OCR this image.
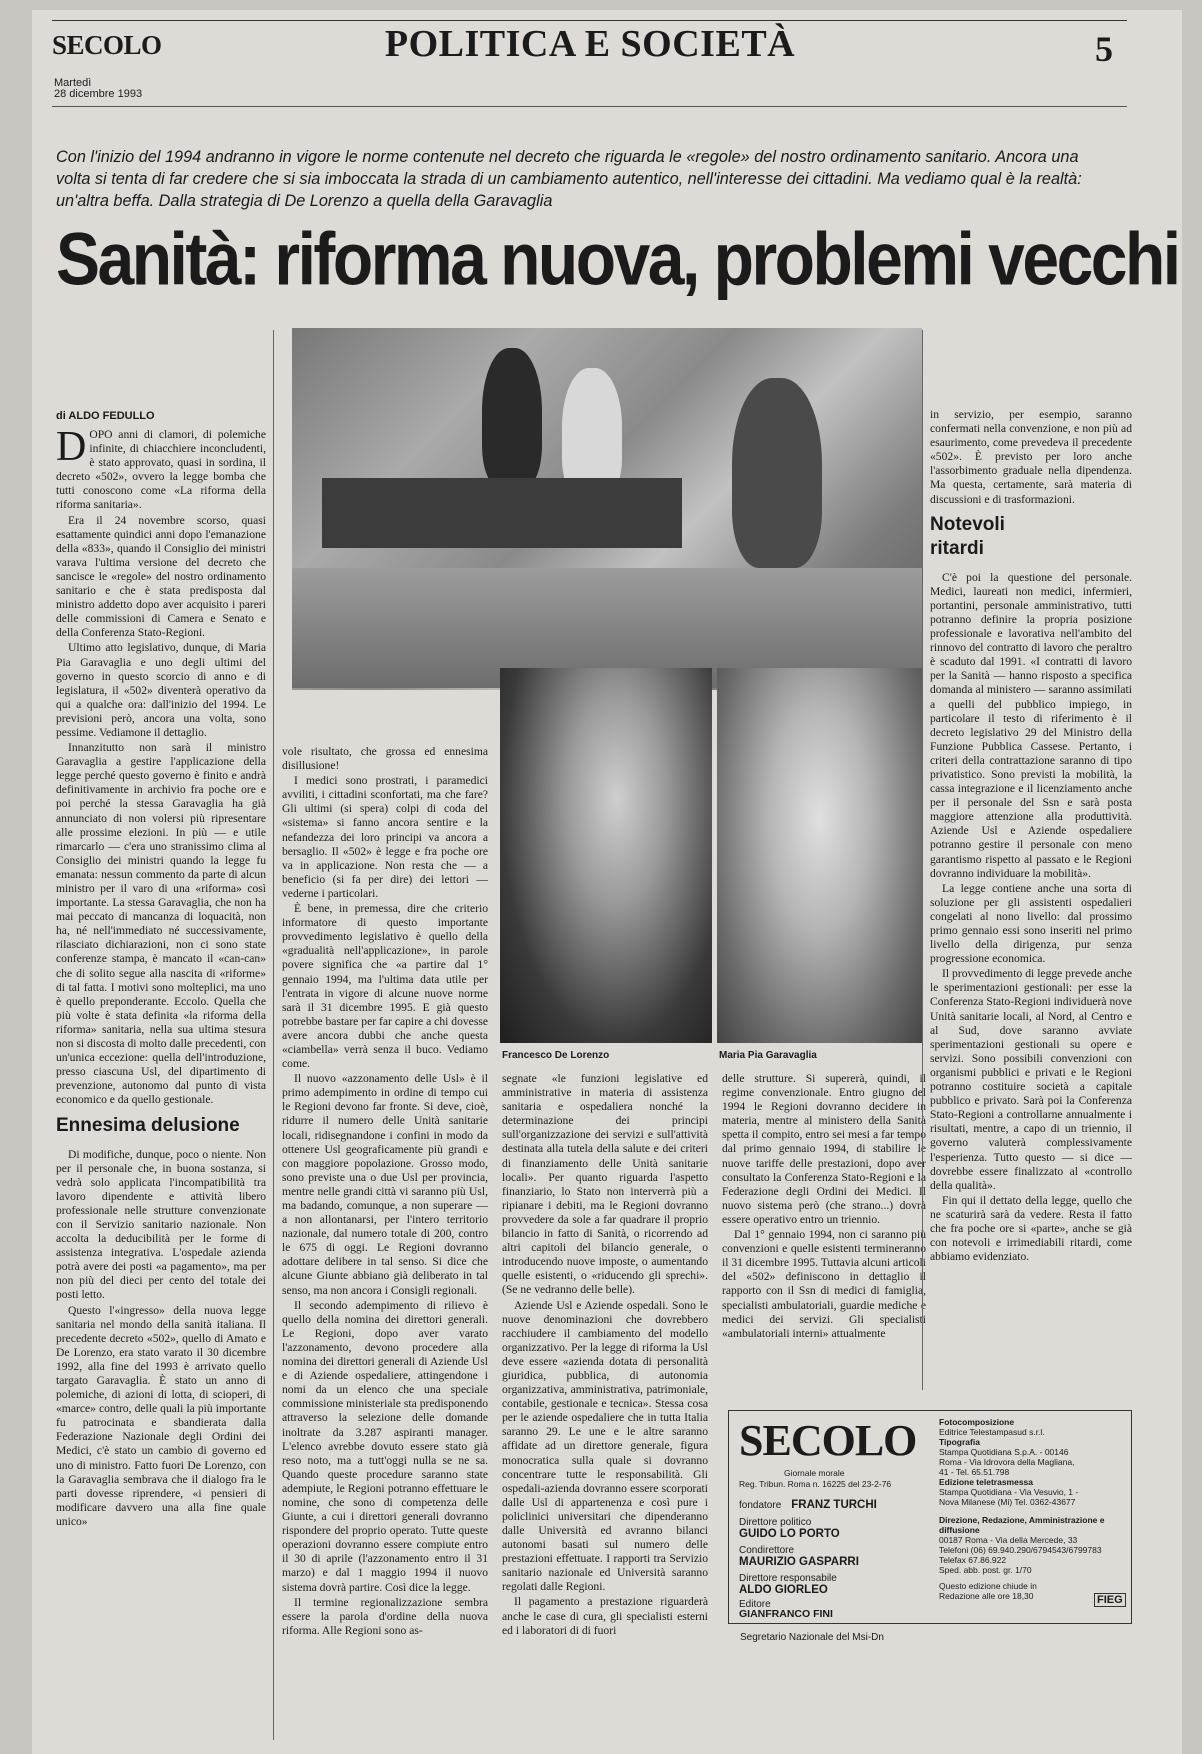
SECOLO
Martedì
28 dicembre 1993
POLITICA E SOCIETÀ	5
Con l'inizio del 1994 andranno in vigore le norme contenute nel decreto che riguarda le «regole» del nostro ordinamento sanitario. Ancora una volta si tenta di far credere che si sia imboccata la strada di un cambiamento autentico, nell'interesse dei cittadini. Ma vediamo qual è la realtà: un'altra beffa. Dalla strategia di De Lorenzo a quella della Garavaglia
Sanità: riforma nuova, problemi vecchi
di ALDO FEDULLO

DOPO anni di clamori, di polemiche infinite, di chiacchiere inconcludenti, è stato approvato, quasi in sordina, il decreto «502», ovvero la legge bomba che tutti conoscono come «La riforma della riforma sanitaria».

Era il 24 novembre scorso, quasi esattamente quindici anni dopo l'emanazione della «833», quando il Consiglio dei ministri varava l'ultima versione del decreto che sancisce le «regole» del nostro ordinamento sanitario e che è stata predisposta dal ministro addetto dopo aver acquisito i pareri delle commissioni di Camera e Senato e della Conferenza Stato-Regioni.

Ultimo atto legislativo, dunque, di Maria Pia Garavaglia e uno degli ultimi del governo in questo scorcio di anno e di legislatura, il «502» diventerà operativo da qui a qualche ora: dall'inizio del 1994. Le previsioni però, ancora una volta, sono pessime. Vediamone il dettaglio.

Innanzitutto non sarà il ministro Garavaglia a gestire l'applicazione della legge perché questo governo è finito e andrà definitivamente in archivio fra poche ore e poi perché la stessa Garavaglia ha già annunciato di non volersi più ripresentare alle prossime elezioni. In più — e utile rimarcarlo — c'era uno stranissimo clima al Consiglio dei ministri quando la legge fu emanata: nessun commento da parte di alcun ministro per il varo di una «riforma» così importante. La stessa Garavaglia, che non ha mai peccato di mancanza di loquacità, non ha, né nell'immediato né successivamente, rilasciato dichiarazioni, non ci sono state conferenze stampa, è mancato il «can-can» che di solito segue alla nascita di «riforme» di tal fatta. I motivi sono molteplici, ma uno è quello preponderante. Eccolo. Quella che più volte è stata definita «la riforma della riforma» sanitaria, nella sua ultima stesura non si discosta di molto dalle precedenti, con un'unica eccezione: quella dell'introduzione, presso ciascuna Usl, del dipartimento di prevenzione, autonomo dal punto di vista economico e da quello gestionale.

Ennesima delusione

Di modifiche, dunque, poco o niente. Non per il personale che, in buona sostanza, si vedrà solo applicata l'incompatibilità tra lavoro dipendente e attività libero professionale nelle strutture convenzionate con il Servizio sanitario nazionale. Non accolta la deducibilità per le forme di assistenza integrativa. L'ospedale azienda potrà avere dei posti «a pagamento», ma per non più del dieci per cento del totale dei posti letto.

Questo l'«ingresso» della nuova legge sanitaria nel mondo della sanità italiana. Il precedente decreto «502», quello di Amato e De Lorenzo, era stato varato il 30 dicembre 1992, alla fine del 1993 è arrivato quello targato Garavaglia. È stato un anno di polemiche, di azioni di lotta, di scioperi, di «marce» contro, delle quali la più importante fu patrocinata e sbandierata dalla Federazione Nazionale degli Ordini dei Medici, c'è stato un cambio di governo ed uno di ministro. Fatto fuori De Lorenzo, con la Garavaglia sembrava che il dialogo fra le parti dovesse riprendere, «i pensieri di modificare davvero una alla fine quale unico»

vole risultato, che grossa ed ennesima disillusione!

I medici sono prostrati, i paramedici avviliti, i cittadini sconfortati, ma che fare? Gli ultimi (si spera) colpi di coda del «sistema» si fanno ancora sentire e la nefandezza dei loro principi va ancora a bersaglio. Il «502» è legge e fra poche ore va in applicazione. Non resta che — a beneficio (si fa per dire) dei lettori — vederne i particolari.

È bene, in premessa, dire che criterio informatore di questo importante provvedimento legislativo è quello della «gradualità nell'applicazione», in parole povere significa che «a partire dal 1° gennaio 1994, ma l'ultima data utile per l'entrata in vigore di alcune nuove norme sarà il 31 dicembre 1995. E già questo potrebbe bastare per far capire a chi dovesse avere ancora dubbi che anche questa «ciambella» verrà senza il buco. Vediamo come.

Il nuovo «azzonamento delle Usl» è il primo adempimento in ordine di tempo cui le Regioni devono far fronte. Si deve, cioè, ridurre il numero delle Unità sanitarie locali, ridisegnandone i confini in modo da ottenere Usl geograficamente più grandi e con maggiore popolazione. Grosso modo, sono previste una o due Usl per provincia, mentre nelle grandi città vi saranno più Usl, ma badando, comunque, a non superare — a non allontanarsi, per l'intero territorio nazionale, dal numero totale di 200, contro le 675 di oggi. Le Regioni dovranno adottare delibere in tal senso. Si dice che alcune Giunte abbiano già deliberato in tal senso, ma non ancora i Consigli regionali.

Il secondo adempimento di rilievo è quello della nomina dei direttori generali. Le Regioni, dopo aver varato l'azzonamento, devono procedere alla nomina dei direttori generali di Aziende Usl e di Aziende ospedaliere, attingendone i nomi da un elenco che una speciale commissione ministeriale sta predisponendo attraverso la selezione delle domande inoltrate da 3.287 aspiranti manager. L'elenco avrebbe dovuto essere stato già reso noto, ma a tutt'oggi nulla se ne sa. Quando queste procedure saranno state adempiute, le Regioni potranno effettuare le nomine, che sono di competenza delle Giunte, a cui i direttori generali dovranno rispondere del proprio operato. Tutte queste operazioni dovranno essere compiute entro il 30 di aprile (l'azzonamento entro il 31 marzo) e dal 1 maggio 1994 il nuovo sistema dovrà partire. Così dice la legge.

Il termine regionalizzazione sembra essere la parola d'ordine della nuova riforma. Alle Regioni sono as-

Francesco De Lorenzo	Maria Pia Garavaglia

segnate «le funzioni legislative ed amministrative in materia di assistenza sanitaria e ospedaliera nonché la determinazione dei principi sull'organizzazione dei servizi e sull'attività destinata alla tutela della salute e dei criteri di finanziamento delle Unità sanitarie locali». Per quanto riguarda l'aspetto finanziario, lo Stato non interverrà più a ripianare i debiti, ma le Regioni dovranno provvedere da sole a far quadrare il proprio bilancio in fatto di Sanità, o ricorrendo ad altri capitoli del bilancio generale, o introducendo nuove imposte, o aumentando quelle esistenti, o «riducendo gli sprechi». (Se ne vedranno delle belle).

Aziende Usl e Aziende ospedali. Sono le nuove denominazioni che dovrebbero racchiudere il cambiamento del modello organizzativo. Per la legge di riforma la Usl deve essere «azienda dotata di personalità giuridica, pubblica, di autonomia organizzativa, amministrativa, patrimoniale, contabile, gestionale e tecnica». Stessa cosa per le aziende ospedaliere che in tutta Italia saranno 29. Le une e le altre saranno affidate ad un direttore generale, figura monocratica sulla quale si dovranno concentrare tutte le responsabilità. Gli ospedali-azienda dovranno essere scorporati dalle Usl di appartenenza e così pure i policlinici universitari che dipenderanno dalle Università ed avranno bilanci autonomi basati sul numero delle prestazioni effettuate. I rapporti tra Servizio sanitario nazionale ed Università saranno regolati dalle Regioni.

Il pagamento a prestazione riguarderà anche le case di cura, gli specialisti esterni ed i laboratori di di fuori

delle strutture. Si supererà, quindi, il regime convenzionale. Entro giugno del 1994 le Regioni dovranno decidere in materia, mentre al ministero della Sanità spetta il compito, entro sei mesi a far tempo dal primo gennaio 1994, di stabilire le nuove tariffe delle prestazioni, dopo aver consultato la Conferenza Stato-Regioni e la Federazione degli Ordini dei Medici. Il nuovo sistema però (che strano...) dovrà essere operativo entro un triennio.

Dal 1° gennaio 1994, non ci saranno più convenzioni e quelle esistenti termineranno il 31 dicembre 1995. Tuttavia alcuni articoli del «502» definiscono in dettaglio il rapporto con il Ssn di medici di famiglia, specialisti ambulatoriali, guardie mediche e medici dei servizi. Gli specialisti «ambulatoriali interni» attualmente

in servizio, per esempio, saranno confermati nella convenzione, e non più ad esaurimento, come prevedeva il precedente «502». È previsto per loro anche l'assorbimento graduale nella dipendenza. Ma questa, certamente, sarà materia di discussioni e di trasformazioni.

Notevoli ritardi

C'è poi la questione del personale. Medici, laureati non medici, infermieri, portantini, personale amministrativo, tutti potranno definire la propria posizione professionale e lavorativa nell'ambito del rinnovo del contratto di lavoro che peraltro è scaduto dal 1991. «I contratti di lavoro per la Sanità — hanno risposto a specifica domanda al ministero — saranno assimilati a quelli del pubblico impiego, in particolare il testo di riferimento è il decreto legislativo 29 del Ministro della Funzione Pubblica Cassese. Pertanto, i criteri della contrattazione saranno di tipo privatistico. Sono previsti la mobilità, la cassa integrazione e il licenziamento anche per il personale del Ssn e sarà posta maggiore attenzione alla produttività. Aziende Usl e Aziende ospedaliere potranno gestire il personale con meno garantismo rispetto al passato e le Regioni dovranno individuare la mobilità».

La legge contiene anche una sorta di soluzione per gli assistenti ospedalieri congelati al nono livello: dal prossimo primo gennaio essi sono inseriti nel primo livello della dirigenza, pur senza progressione economica.

Il provvedimento di legge prevede anche le sperimentazioni gestionali: per esse la Conferenza Stato-Regioni individuerà nove Unità sanitarie locali, al Nord, al Centro e al Sud, dove saranno avviate sperimentazioni gestionali su opere e servizi. Sono possibili convenzioni con organismi pubblici e privati e le Regioni potranno costituire società a capitale pubblico e privato. Sarà poi la Conferenza Stato-Regioni a controllarne annualmente i risultati, mentre, a capo di un triennio, il governo valuterà complessivamente l'esperienza. Tutto questo — si dice — dovrebbe essere finalizzato al «controllo della qualità».

Fin qui il dettato della legge, quello che ne scaturirà sarà da vedere. Resta il fatto che fra poche ore si «parte», anche se già con notevoli e irrimediabili ritardi, come abbiamo evidenziato.

SECOLO
Giornale morale
Reg. Tribun. Roma n. 16225 del 23-2-76
fondatore FRANZ TURCHI
Direttore politico
GUIDO LO PORTO
Condirettore
MAURIZIO GASPARRI
Direttore responsabile
ALDO GIORLEO
Editore
GIANFRANCO FINI
Fotocomposizione
Editrice Telestampasud s.r.l.
Tipografia
Stampa Quotidiana S.p.A. - 00146
Roma - Via Idrovora della Magliana,
41 - Tel. 65.51.798
Edizione teletrasmessa
Stampa Quotidiana - Via Vesuvio, 1 -
Nova Milanese (Mi) Tel. 0362-43677
Direzione, Redazione, Amministrazione e diffusione
00187 Roma - Via della Mercede, 33
Telefoni (06) 69.940.290/6794543/6799783
Telefax 67.86.922
Sped. abb. post. gr. 1/70
Questo edizione chiude in
Redazione alle ore 18,30	FIEG
Segretario Nazionale del Msi-Dn
